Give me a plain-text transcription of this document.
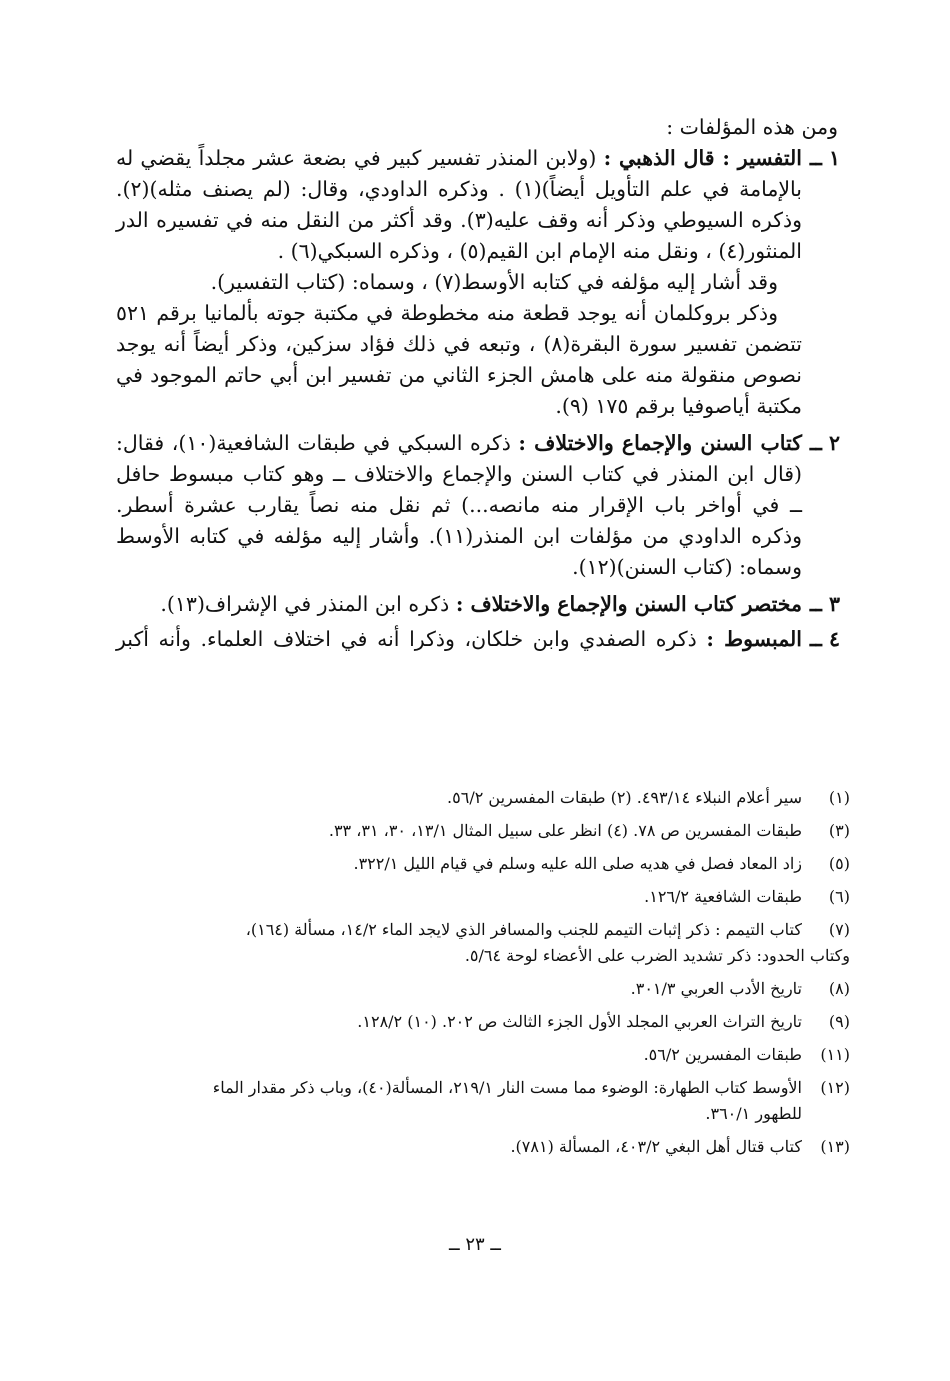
ومن هذه المؤلفات :
١ ــ
التفسير : قال الذهبي : (ولابن المنذر تفسير كبير في بضعة عشر مجلداً يقضي له
بالإمامة في علم التأويل أيضاً)(١) . وذكره الداودي، وقال: (لم يصنف مثله)(٢).
وذكره السيوطي وذكر أنه وقف عليه(٣). وقد أكثر من النقل منه في تفسيره الدر
المنثور(٤) ، ونقل منه الإمام ابن القيم(٥) ، وذكره السبكي(٦) .
وقد أشار إليه مؤلفه في كتابه الأوسط(٧) ، وسماه: (كتاب التفسير).
وذكر بروكلمان أنه يوجد قطعة منه مخطوطة في مكتبة جوته بألمانيا برقم ٥٢١
تتضمن تفسير سورة البقرة(٨) ، وتبعه في ذلك فؤاد سزكين، وذكر أيضاً أنه يوجد
نصوص منقولة منه على هامش الجزء الثاني من تفسير ابن أبي حاتم الموجود في
مكتبة أياصوفيا برقم ١٧٥ (٩).
٢ ــ
كتاب السنن والإجماع والاختلاف : ذكره السبكي في طبقات الشافعية(١٠)، فقال:
(قال ابن المنذر في كتاب السنن والإجماع والاختلاف ــ وهو كتاب مبسوط حافل
ــ في أواخر باب الإقرار منه مانصه...) ثم نقل منه نصاً يقارب عشرة أسطر.
وذكره الداودي من مؤلفات ابن المنذر(١١). وأشار إليه مؤلفه في كتابه الأوسط
وسماه: (كتاب السنن)(١٢).
٣ ــ
مختصر كتاب السنن والإجماع والاختلاف : ذكره ابن المنذر في الإشراف(١٣).
٤ ــ
المبسوط : ذكره الصفدي وابن خلكان، وذكرا أنه في اختلاف العلماء. وأنه أكبر
(١)
سير أعلام النبلاء ٤٩٣/١٤. (٢) طبقات المفسرين ٥٦/٢.
(٣)
طبقات المفسرين ص ٧٨. (٤) انظر على سبيل المثال ١٣/١، ٣٠، ٣١، ٣٣.
(٥)
زاد المعاد فصل في هديه صلى الله عليه وسلم في قيام الليل ٣٢٢/١.
(٦)
طبقات الشافعية ١٢٦/٢.
(٧)
كتاب التيمم : ذكر إثبات التيمم للجنب والمسافر الذي لايجد الماء ١٤/٢، مسألة (١٦٤)،
وكتاب الحدود: ذكر تشديد الضرب على الأعضاء لوحة ٥/٦٤.
(٨)
تاريخ الأدب العربي ٣٠١/٣.
(٩)
تاريخ التراث العربي المجلد الأول الجزء الثالث ص ٢٠٢. (١٠) ١٢٨/٢.
(١١)
طبقات المفسرين ٥٦/٢.
(١٢)
الأوسط كتاب الطهارة: الوضوء مما مست النار ٢١٩/١، المسألة(٤٠)، وباب ذكر مقدار الماء
للطهور ٣٦٠/١.
(١٣)
كتاب قتال أهل البغي ٤٠٣/٢، المسألة (٧٨١).
ــ ٢٣ ــ
